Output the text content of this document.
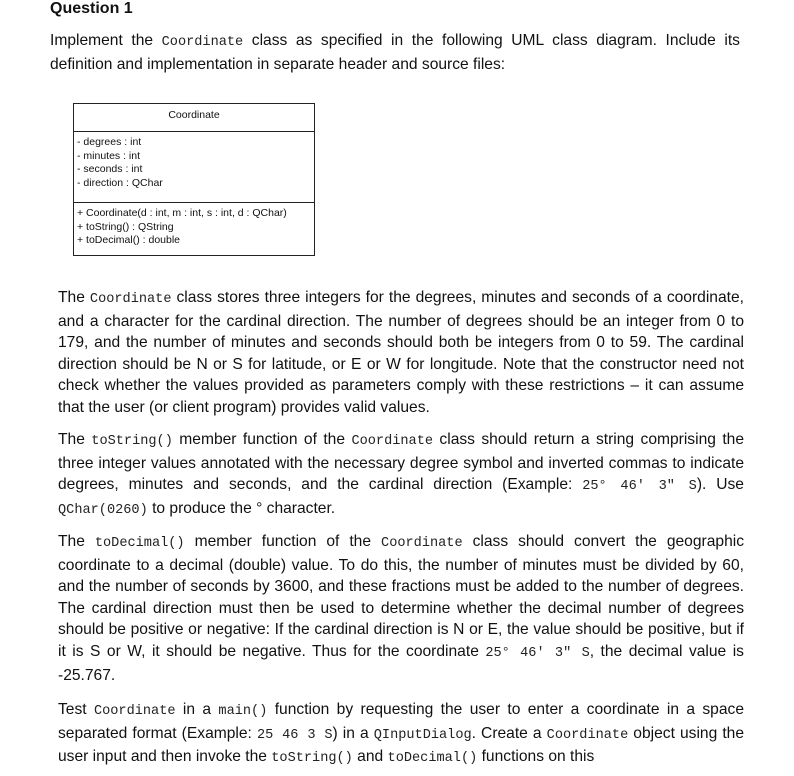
Question 1
Implement the Coordinate class as specified in the following UML class diagram. Include its definition and implementation in separate header and source files:
Coordinate
- degrees : int
- minutes : int
- seconds : int
- direction : QChar
+ Coordinate(d : int, m : int, s : int, d : QChar)
+ toString() : QString
+ toDecimal() : double
The Coordinate class stores three integers for the degrees, minutes and seconds of a coordinate, and a character for the cardinal direction. The number of degrees should be an integer from 0 to 179, and the number of minutes and seconds should both be integers from 0 to 59. The cardinal direction should be N or S for latitude, or E or W for longitude. Note that the constructor need not check whether the values provided as parameters comply with these restrictions – it can assume that the user (or client program) provides valid values.
The toString() member function of the Coordinate class should return a string comprising the three integer values annotated with the necessary degree symbol and inverted commas to indicate degrees, minutes and seconds, and the cardinal direction (Example: 25° 46' 3" S). Use QChar(0260) to produce the ° character.
The toDecimal() member function of the Coordinate class should convert the geographic coordinate to a decimal (double) value. To do this, the number of minutes must be divided by 60, and the number of seconds by 3600, and these fractions must be added to the number of degrees. The cardinal direction must then be used to determine whether the decimal number of degrees should be positive or negative: If the cardinal direction is N or E, the value should be positive, but if it is S or W, it should be negative. Thus for the coordinate 25° 46' 3" S, the decimal value is -25.767.
Test Coordinate in a main() function by requesting the user to enter a coordinate in a space separated format (Example: 25 46 3 S) in a QInputDialog. Create a Coordinate object using the user input and then invoke the toString() and toDecimal() functions on this
